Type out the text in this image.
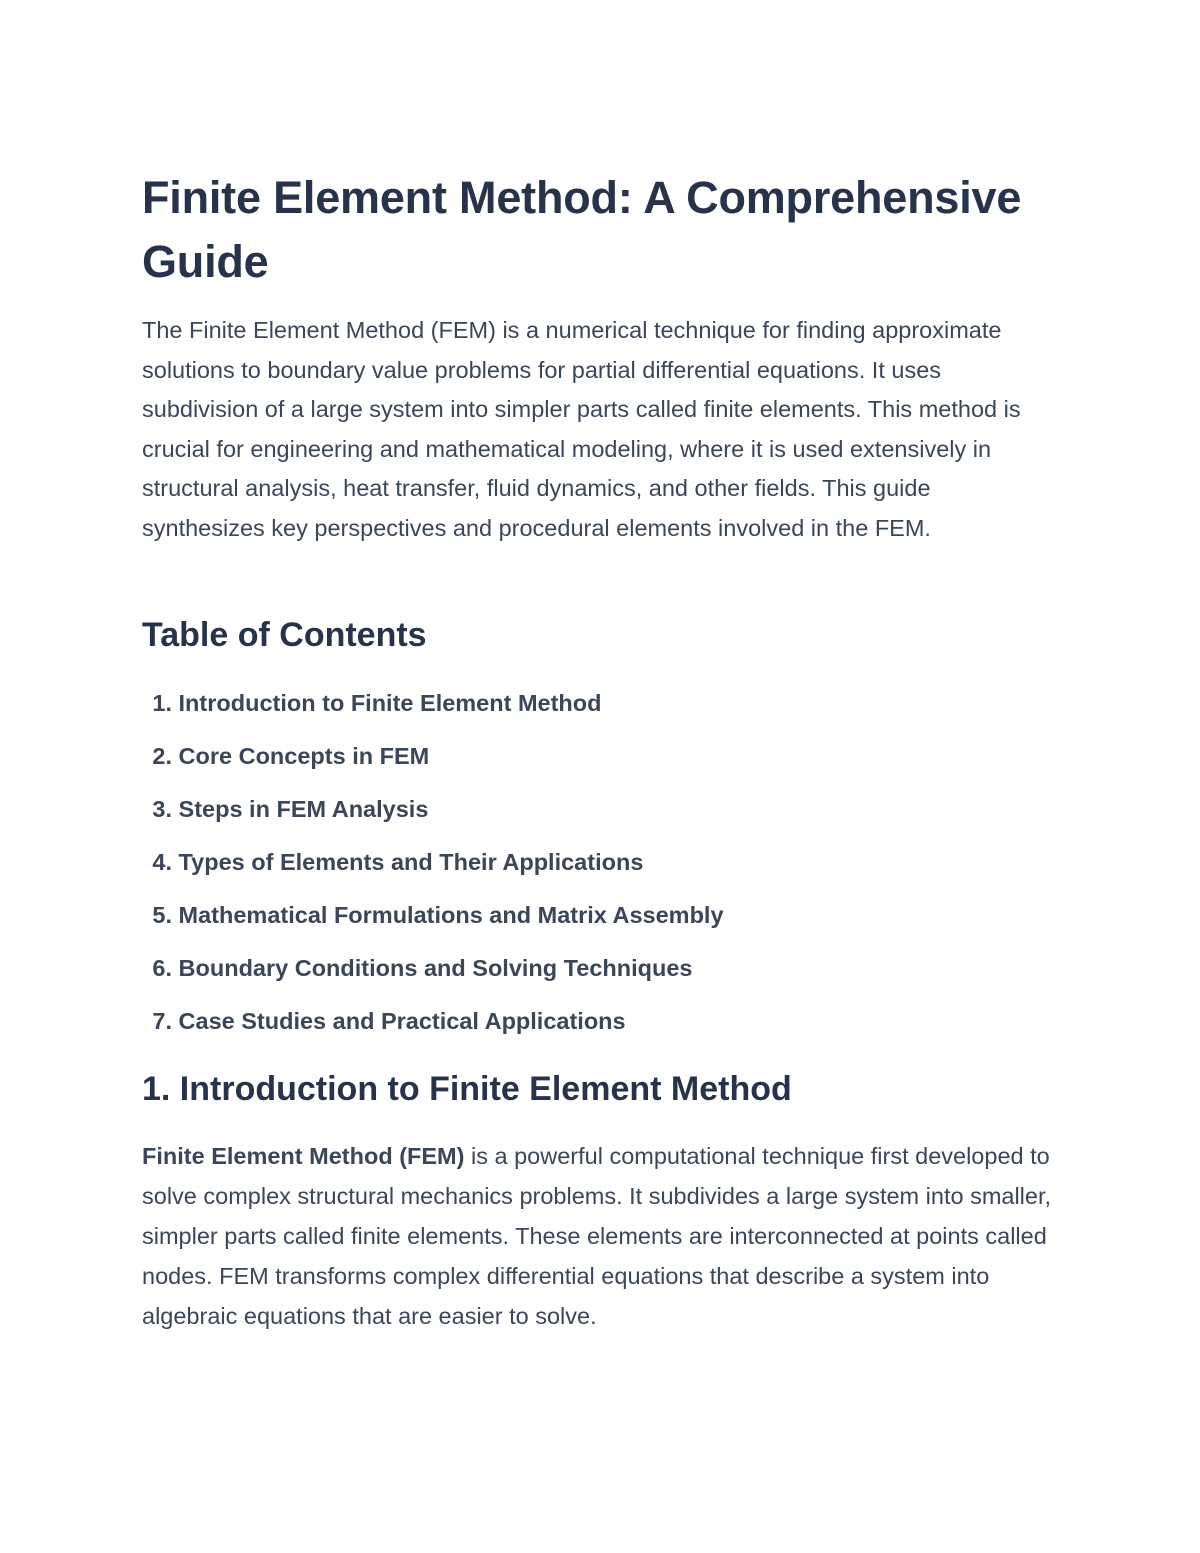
Finite Element Method: A Comprehensive Guide

The Finite Element Method (FEM) is a numerical technique for finding approximate solutions to boundary value problems for partial differential equations. It uses subdivision of a large system into simpler parts called finite elements. This method is crucial for engineering and mathematical modeling, where it is used extensively in structural analysis, heat transfer, fluid dynamics, and other fields. This guide synthesizes key perspectives and procedural elements involved in the FEM.

Table of Contents
1. Introduction to Finite Element Method
2. Core Concepts in FEM
3. Steps in FEM Analysis
4. Types of Elements and Their Applications
5. Mathematical Formulations and Matrix Assembly
6. Boundary Conditions and Solving Techniques
7. Case Studies and Practical Applications
1. Introduction to Finite Element Method

Finite Element Method (FEM) is a powerful computational technique first developed to solve complex structural mechanics problems. It subdivides a large system into smaller, simpler parts called finite elements. These elements are interconnected at points called nodes. FEM transforms complex differential equations that describe a system into algebraic equations that are easier to solve.
